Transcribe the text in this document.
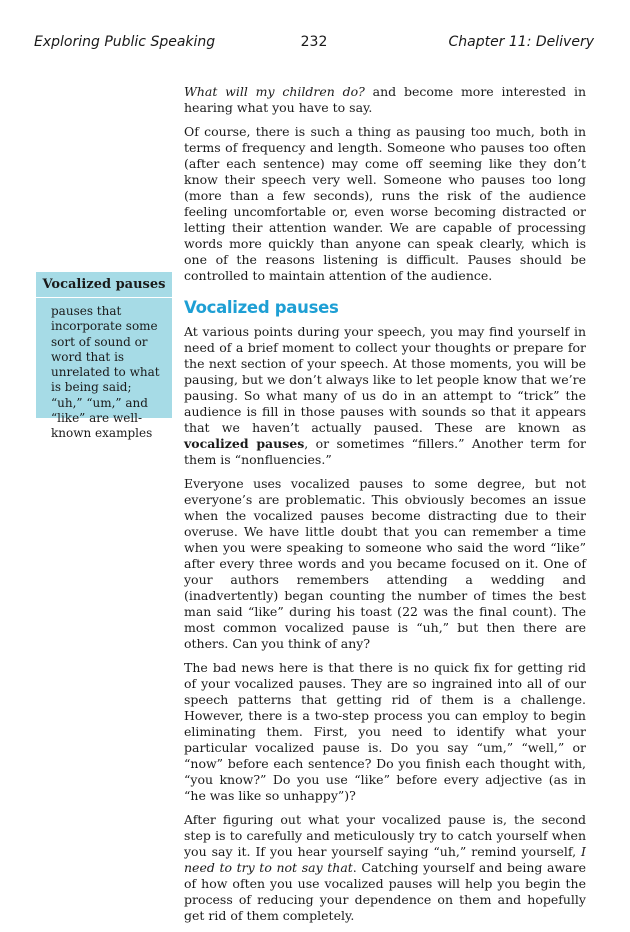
Exploring Public Speaking	232	Chapter 11: Delivery
Vocalized pauses
pauses that incorporate some sort of sound or word that is unrelated to what is being said; “uh,” “um,” and “like” are well-known examples

What will my children do? and become more interested in hearing what you have to say.

Of course, there is such a thing as pausing too much, both in terms of frequency and length. Someone who pauses too often (after each sentence) may come off seeming like they don’t know their speech very well. Someone who pauses too long (more than a few seconds), runs the risk of the audience feeling uncomfortable or, even worse becoming distracted or letting their attention wander. We are capable of processing words more quickly than anyone can speak clearly, which is one of the reasons listening is difficult. Pauses should be controlled to maintain attention of the audience.

Vocalized pauses

At various points during your speech, you may find yourself in need of a brief moment to collect your thoughts or prepare for the next section of your speech. At those moments, you will be pausing, but we don’t always like to let people know that we’re pausing. So what many of us do in an attempt to “trick” the audience is fill in those pauses with sounds so that it appears that we haven’t actually paused. These are known as vocalized pauses, or sometimes “fillers.” Another term for them is “nonfluencies.”

Everyone uses vocalized pauses to some degree, but not everyone’s are problematic. This obviously becomes an issue when the vocalized pauses become distracting due to their overuse. We have little doubt that you can remember a time when you were speaking to someone who said the word “like” after every three words and you became focused on it. One of your authors remembers attending a wedding and (inadvertently) began counting the number of times the best man said “like” during his toast (22 was the final count). The most common vocalized pause is “uh,” but then there are others. Can you think of any?

The bad news here is that there is no quick fix for getting rid of your vocalized pauses. They are so ingrained into all of our speech patterns that getting rid of them is a challenge. However, there is a two-step process you can employ to begin eliminating them. First, you need to identify what your particular vocalized pause is. Do you say “um,” “well,” or “now” before each sentence? Do you finish each thought with, “you know?” Do you use “like” before every adjective (as in “he was like so unhappy”)?

After figuring out what your vocalized pause is, the second step is to carefully and meticulously try to catch yourself when you say it. If you hear yourself saying “uh,” remind yourself, I need to try to not say that. Catching yourself and being aware of how often you use vocalized pauses will help you begin the process of reducing your dependence on them and hopefully get rid of them completely.
